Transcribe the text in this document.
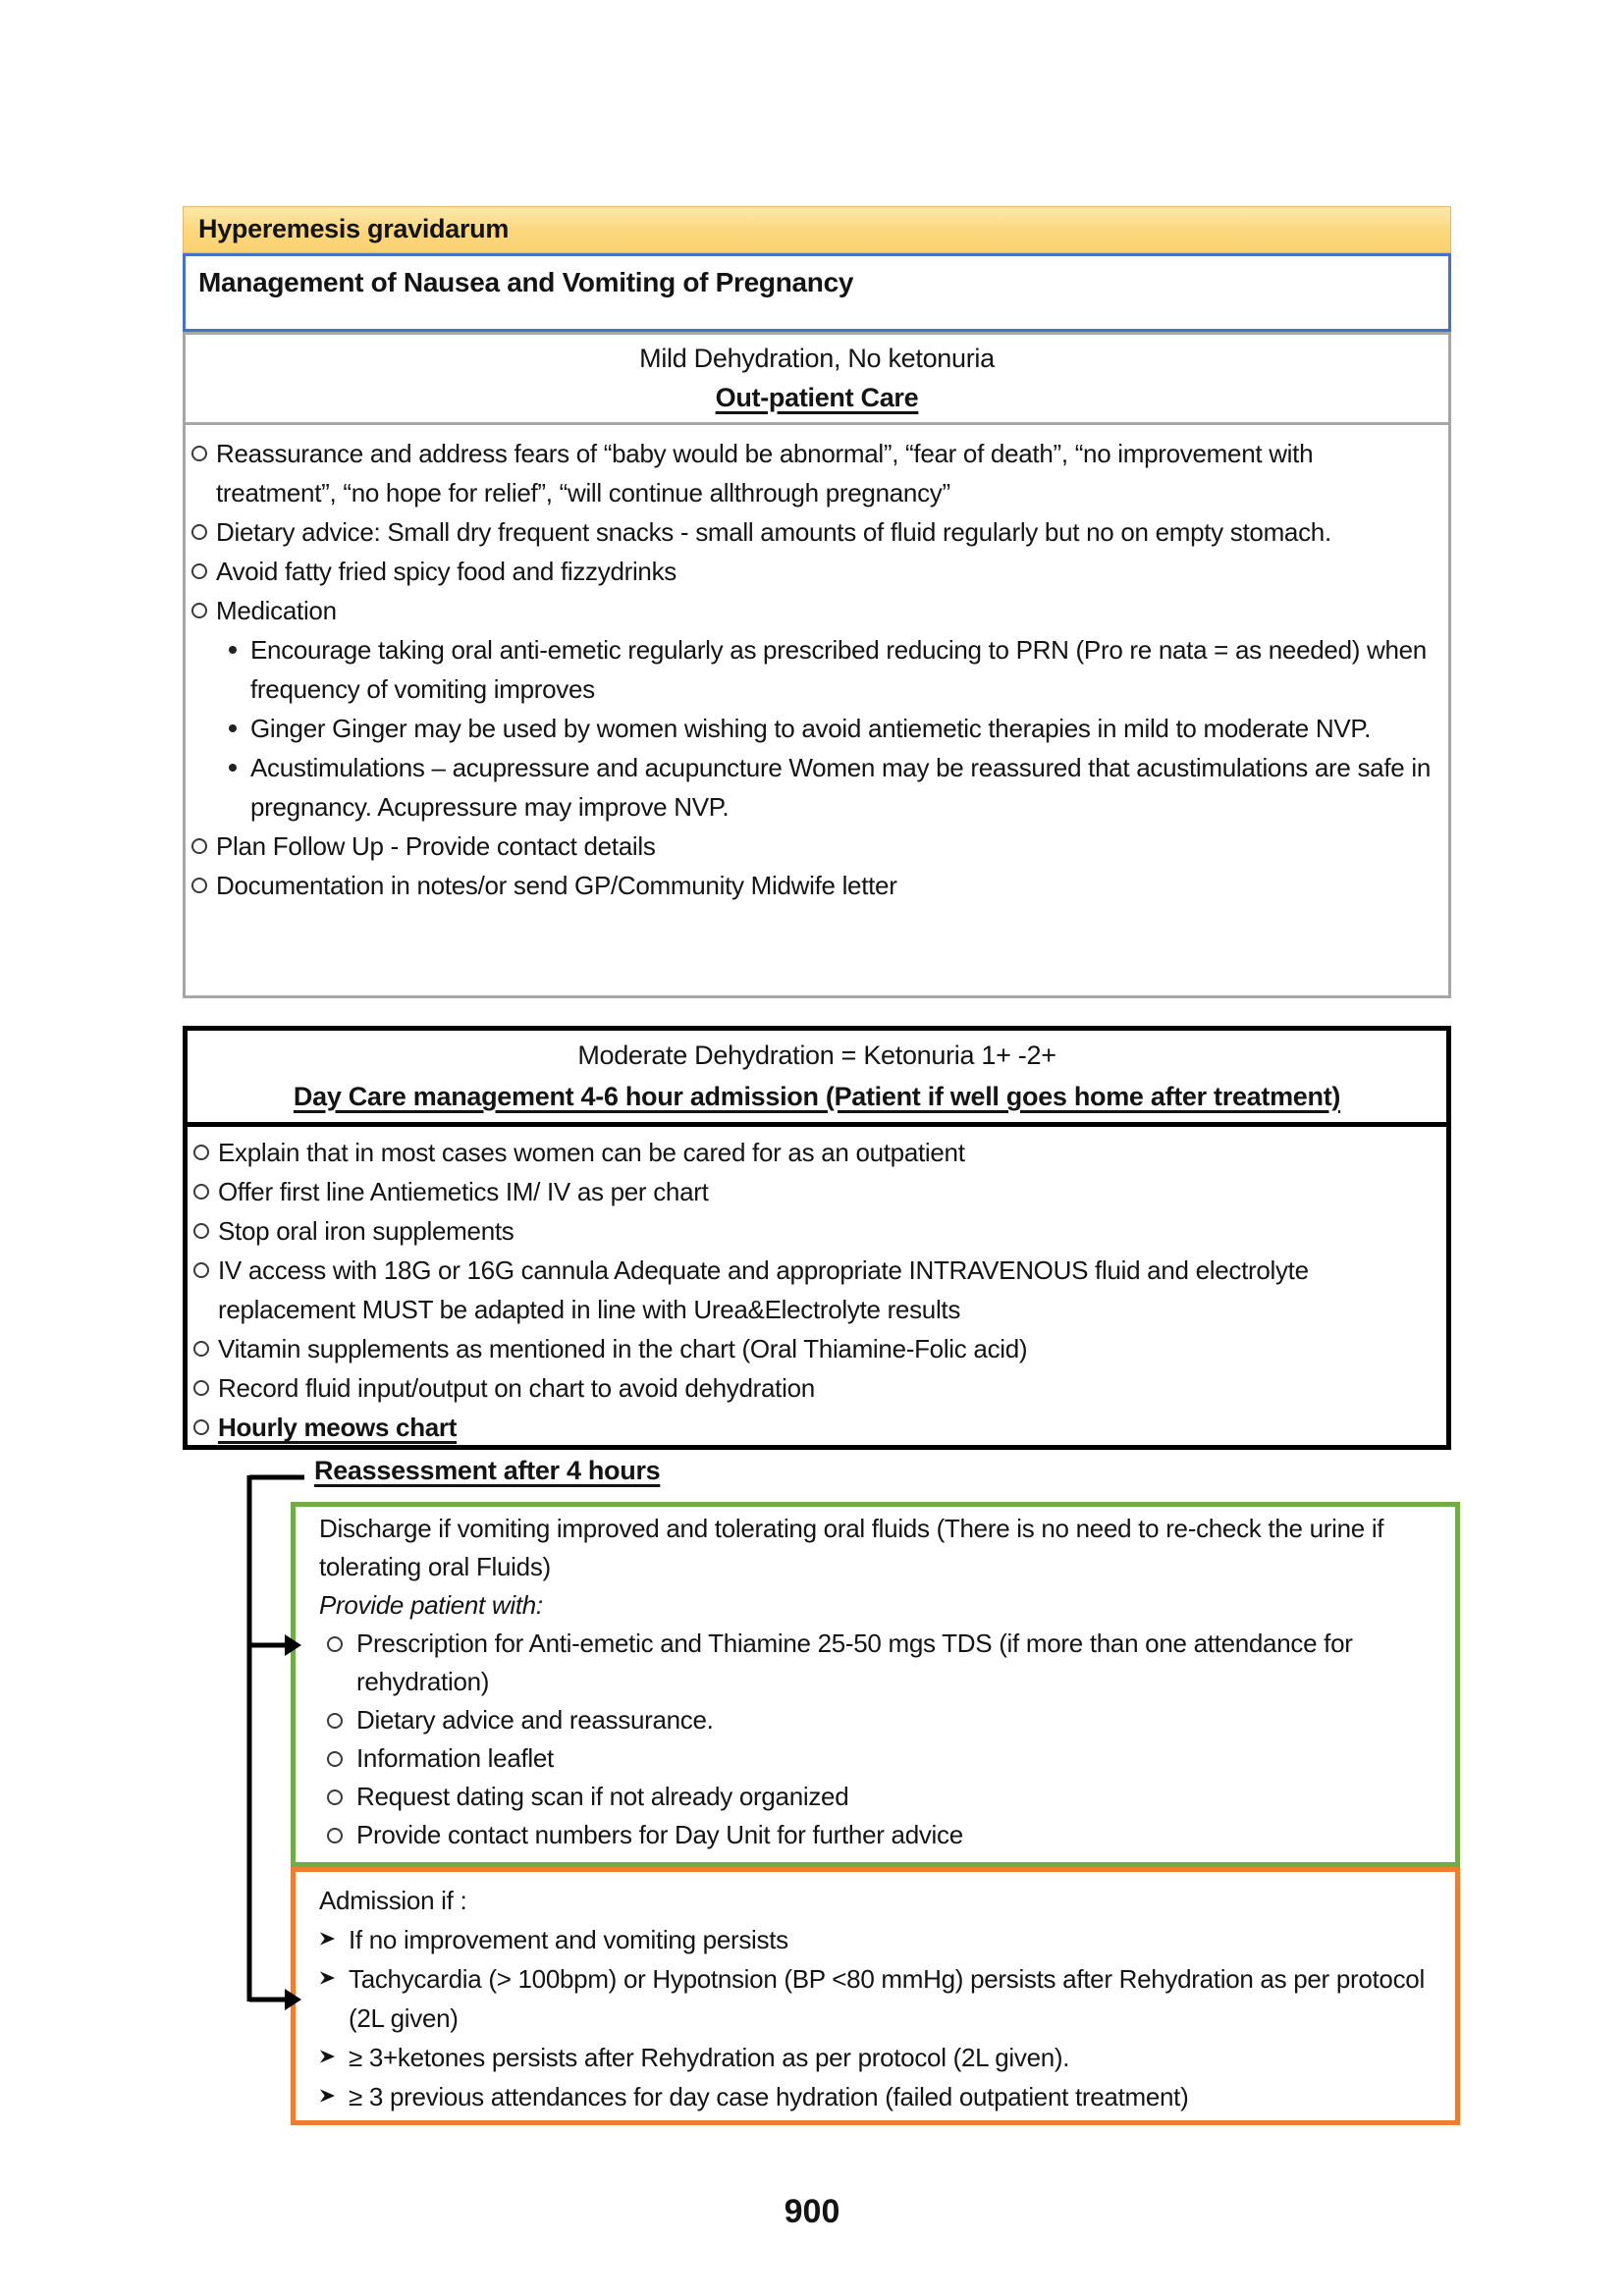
Hyperemesis gravidarum
Management of Nausea and Vomiting of Pregnancy
Mild Dehydration, No ketonuria
Out-patient Care
Reassurance and address fears of “baby would be abnormal”, “fear of death”, “no improvement with treatment”, “no hope for relief”, “will continue allthrough pregnancy”
Dietary advice: Small dry frequent snacks - small amounts of fluid regularly but no on empty stomach.
Avoid fatty fried spicy food and fizzydrinks
Medication
Encourage taking oral anti-emetic regularly as prescribed reducing to PRN (Pro re nata = as needed) when frequency of vomiting improves
Ginger Ginger may be used by women wishing to avoid antiemetic therapies in mild to moderate NVP.
Acustimulations – acupressure and acupuncture Women may be reassured that acustimulations are safe in pregnancy. Acupressure may improve NVP.
Plan Follow Up - Provide contact details
Documentation in notes/or send GP/Community Midwife letter
Moderate Dehydration = Ketonuria 1+ -2+
Day Care management 4-6 hour admission (Patient if well goes home after treatment)
Explain that in most cases women can be cared for as an outpatient
Offer first line Antiemetics IM/ IV as per chart
Stop oral iron supplements
IV access with 18G or 16G cannula Adequate and appropriate INTRAVENOUS fluid and electrolyte replacement MUST be adapted in line with Urea&Electrolyte results
Vitamin supplements as mentioned in the chart (Oral Thiamine-Folic acid)
Record fluid input/output on chart to avoid dehydration
Hourly meows chart
Reassessment after 4 hours
Discharge if vomiting improved and tolerating oral fluids (There is no need to re-check the urine if tolerating oral Fluids)
Provide patient with:
Prescription for Anti-emetic and Thiamine 25-50 mgs TDS (if more than one attendance for rehydration)
Dietary advice and reassurance.
Information leaflet
Request dating scan if not already organized
Provide contact numbers for Day Unit for further advice
Admission if :
If no improvement and vomiting persists
Tachycardia (> 100bpm) or Hypotnsion (BP <80 mmHg) persists after Rehydration as per protocol (2L given)
≥ 3+ketones persists after Rehydration as per protocol (2L given).
≥ 3 previous attendances for day case hydration (failed outpatient treatment)
900
